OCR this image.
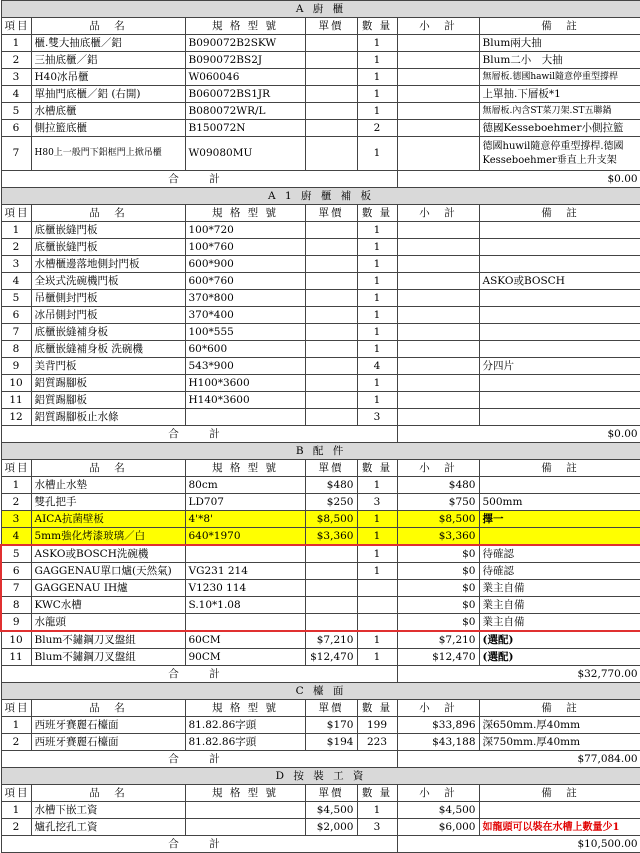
A 廚 櫃						
項目	品　名	規 格 型 號	單價	數 量	小　計	備　註
1	櫃.雙大抽底櫃／鋁	B090072B2SKW		1		Blum兩大抽
2	三抽底櫃／鋁	B090072BS2J		1		Blum二小　大抽
3	H40冰吊櫃	W060046		1		無層板.德國hawil隨意停重型撐桿
4	單抽門底櫃／鋁 (右開)	B060072BS1JR		1		上單抽.下層板*1
5	水槽底櫃	B080072WR/L		1		無層板.內含ST菜刀架.ST五聯鍋
6	側拉籃底櫃	B150072N		2		德國Kesseboehmer小側拉籃
7	H80上一般門下鋁框門上掀吊櫃	W09080MU		1		德國huwil隨意停重型撐桿.德國Kesseboehmer垂直上升支架
合　計					$0.00	
A 1 廚 櫃 補 板						
項目	品　名	規 格 型 號	單價	數 量	小　計	備　註
1	底櫃嵌縫門板	100*720		1		
2	底櫃嵌縫門板	100*760		1		
3	水槽櫃邊落地側封門板	600*900		1		
4	全崁式洗碗機門板	600*760		1		ASKO或BOSCH
5	吊櫃側封門板	370*800		1		
6	冰吊側封門板	370*400		1		
7	底櫃嵌縫補身板	100*555		1		
8	底櫃嵌縫補身板 洗碗機	60*600		1		
9	美背門板	543*900		4		分四片
10	鋁質踢腳板	H100*3600		1		
11	鋁質踢腳板	H140*3600		1		
12	鋁質踢腳板止水條			3		
合　計					$0.00	
B 配 件						
項目	品　名	規 格 型 號	單價	數 量	小　計	備　註
1	水槽止水墊	80cm	$480	1	$480	
2	雙孔把手	LD707	$250	3	$750	500mm
3	AICA抗菌壁板	4'*8'	$8,500	1	$8,500	擇一
4	5mm強化烤漆玻璃／白	640*1970	$3,360	1	$3,360	
5	ASKO或BOSCH洗碗機			1	$0	待確認
6	GAGGENAU單口爐(天然氣)	VG231 214		1	$0	待確認
7	GAGGENAU IH爐	V1230 114			$0	業主自備
8	KWC水槽	S.10*1.08			$0	業主自備
9	水龍頭				$0	業主自備
10	Blum不鏽鋼刀叉盤組	60CM	$7,210	1	$7,210	(選配)
11	Blum不鏽鋼刀叉盤組	90CM	$12,470	1	$12,470	(選配)
合　計					$32,770.00	
C 檯 面						
項目	品　名	規 格 型 號	單價	數 量	小　計	備　註
1	西班牙賽麗石檯面	81.82.86字頭	$170	199	$33,896	深650mm.厚40mm
2	西班牙賽麗石檯面	81.82.86字頭	$194	223	$43,188	深750mm.厚40mm
合　計					$77,084.00	
D 按 裝 工 資						
項目	品　名	規 格 型 號	單價	數 量	小　計	備　註
1	水槽下嵌工資		$4,500	1	$4,500	
2	爐孔挖孔工資		$2,000	3	$6,000	如龍頭可以裝在水槽上數量少1
合　計					$10,500.00	
